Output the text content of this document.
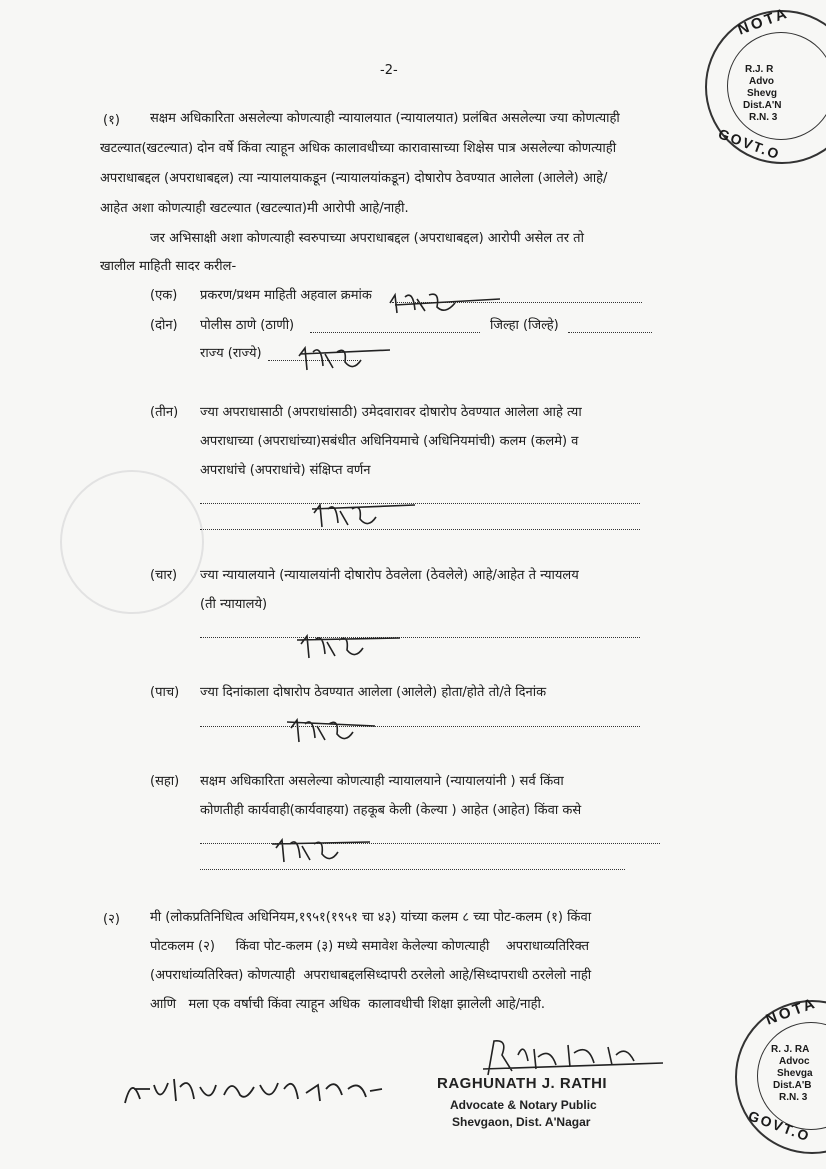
-2-
(१) सक्षम अधिकारिता असलेल्या कोणत्याही न्यायालयात (न्यायालयात) प्रलंबित असलेल्या ज्या कोणत्याही
खटल्यात(खटल्यात) दोन वर्षे किंवा त्याहून अधिक कालावधीच्या कारावासाच्या शिक्षेस पात्र असलेल्या कोणत्याही
अपराधाबद्दल (अपराधाबद्दल) त्या न्यायालयाकडून (न्यायालयांकडून) दोषारोप ठेवण्यात आलेला (आलेले) आहे/
आहेत अशा कोणत्याही खटल्यात (खटल्यात)मी आरोपी आहे/नाही.
जर अभिसाक्षी अशा कोणत्याही स्वरुपाच्या अपराधाबद्दल (अपराधाबद्दल) आरोपी असेल तर तो
खालील माहिती सादर करील-
(एक) प्रकरण/प्रथम माहिती अहवाल क्रमांक
(दोन) पोलीस ठाणे (ठाणी)	जिल्हा (जिल्हे)
राज्य (राज्ये)
(तीन) ज्या अपराधासाठी (अपराधांसाठी) उमेदवारावर दोषारोप ठेवण्यात आलेला आहे त्या
अपराधाच्या (अपराधांच्या)सबंधीत अधिनियमाचे (अधिनियमांची) कलम (कलमे) व
अपराधांचे (अपराधांचे) संक्षिप्त वर्णन
(चार) ज्या न्यायालयाने (न्यायालयांनी दोषारोप ठेवलेला (ठेवलेले) आहे/आहेत ते न्यायलय
(ती न्यायालये)
(पाच) ज्या दिनांकाला दोषारोप ठेवण्यात आलेला (आलेले) होता/होते तो/ते दिनांक
(सहा) सक्षम अधिकारिता असलेल्या कोणत्याही न्यायालयाने (न्यायालयांनी ) सर्व किंवा
कोणतीही कार्यवाही(कार्यवाहया) तहकूब केली (केल्या ) आहेत (आहेत) किंवा कसे
(२) मी (लोकप्रतिनिधित्व अधिनियम,१९५१(१९५१ चा ४३) यांच्या कलम ८ च्या पोट-कलम (१) किंवा
पोटकलम (२)     किंवा पोट-कलम (३) मध्ये समावेश केलेल्या कोणत्याही    अपराधाव्यतिरिक्त
(अपराधांव्यतिरिक्त) कोणत्याही  अपराधाबद्दलसिध्दापरी ठरलेलो आहे/सिध्दापराधी ठरलेलो नाही
आणि   मला एक वर्षाची किंवा त्याहून अधिक  कालावधीची शिक्षा झालेली आहे/नाही.
RAGHUNATH J. RATHI
Advocate & Notary Public
Shevgaon, Dist. A'Nagar
NOTA
R.J. R
Advo
Shevg
Dist.A'N
R.N. 3
GOVT.O
NOTA
R. J. RA
Advoc
Shevga
Dist.A'B
R.N. 3
GOVT.O
